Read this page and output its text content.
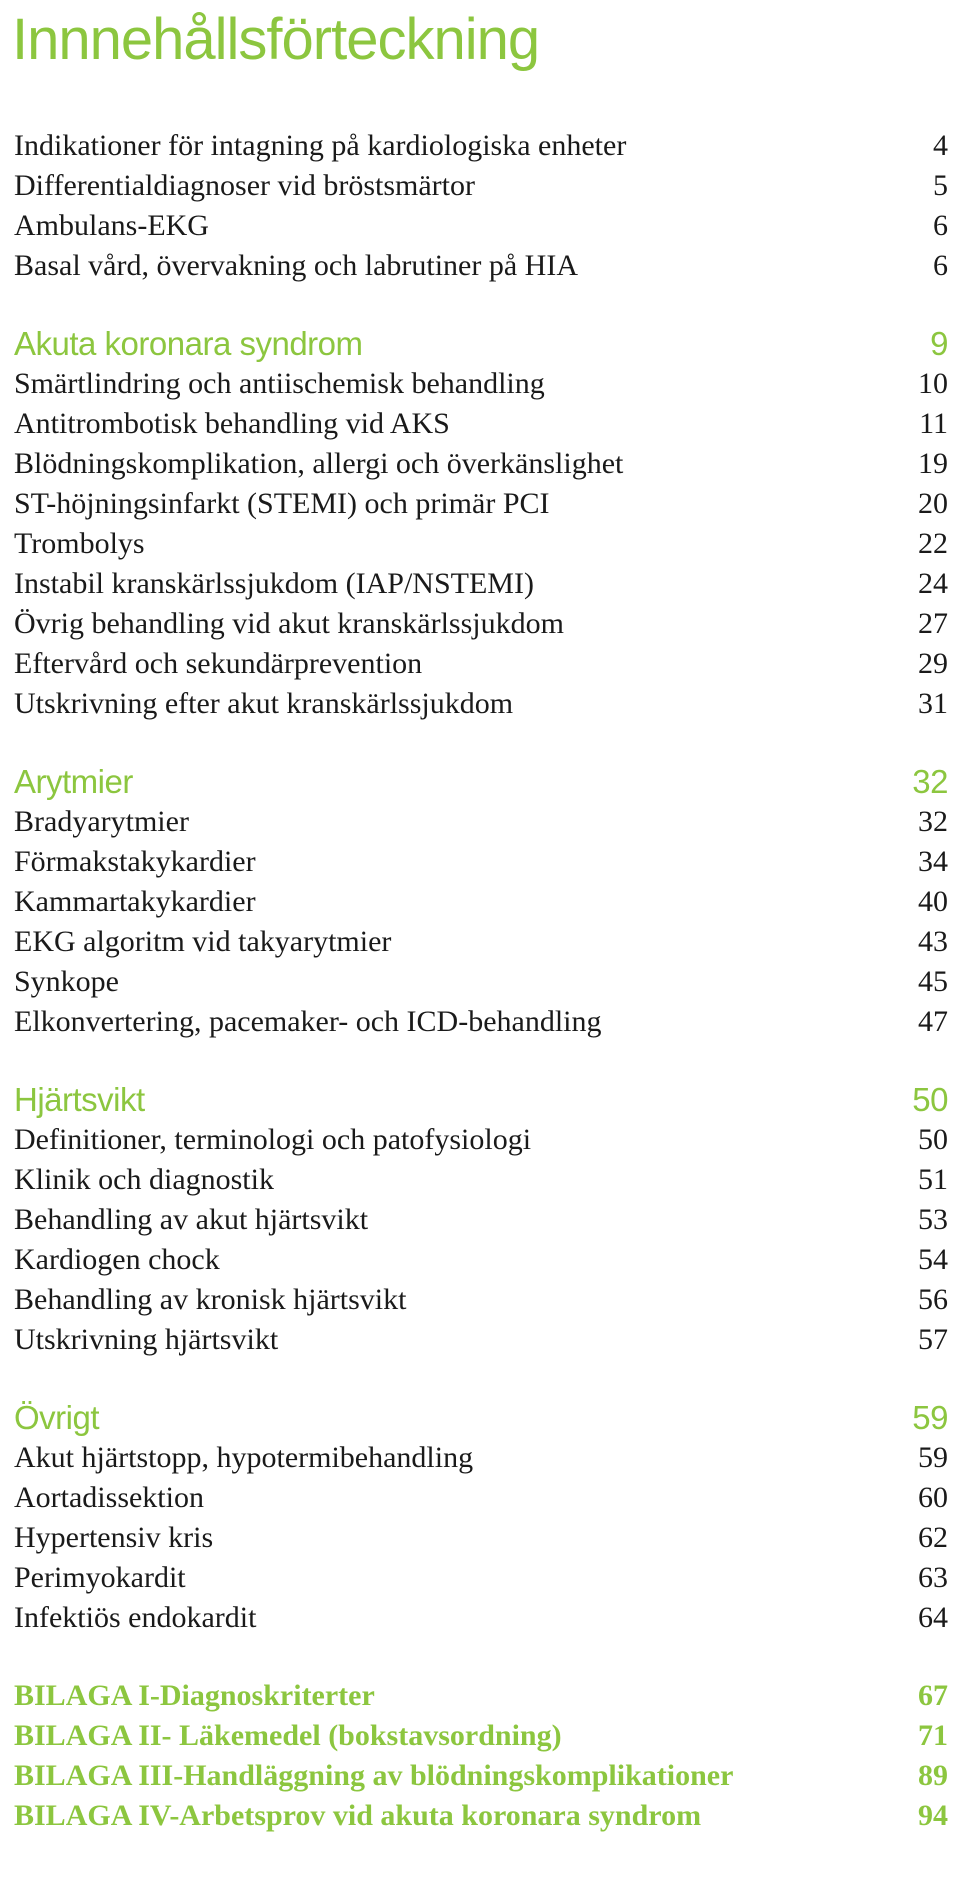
Innnehållsförteckning
Indikationer för intagning på kardiologiska enheter	4
Differentialdiagnoser vid bröstsmärtor	5
Ambulans-EKG	6
Basal vård, övervakning och labrutiner på HIA	6
Akuta koronara syndrom	9
Smärtlindring och antiischemisk behandling	10
Antitrombotisk behandling vid AKS	11
Blödningskomplikation, allergi och överkänslighet	19
ST-höjningsinfarkt (STEMI) och primär PCI	20
Trombolys	22
Instabil kranskärlssjukdom (IAP/NSTEMI)	24
Övrig behandling vid akut kranskärlssjukdom	27
Eftervård och sekundärprevention	29
Utskrivning efter akut kranskärlssjukdom	31
Arytmier	32
Bradyarytmier	32
Förmakstakykardier	34
Kammartakykardier	40
EKG algoritm vid takyarytmier	43
Synkope	45
Elkonvertering, pacemaker- och ICD-behandling	47
Hjärtsvikt	50
Definitioner, terminologi och patofysiologi	50
Klinik och diagnostik	51
Behandling av akut hjärtsvikt	53
Kardiogen chock	54
Behandling av kronisk hjärtsvikt	56
Utskrivning hjärtsvikt	57
Övrigt	59
Akut hjärtstopp, hypotermibehandling	59
Aortadissektion	60
Hypertensiv kris	62
Perimyokardit	63
Infektiös endokardit	64
BILAGA I-Diagnoskriterter	67
BILAGA II- Läkemedel (bokstavsordning)	71
BILAGA III-Handläggning av blödningskomplikationer	89
BILAGA IV-Arbetsprov vid akuta koronara syndrom	94
